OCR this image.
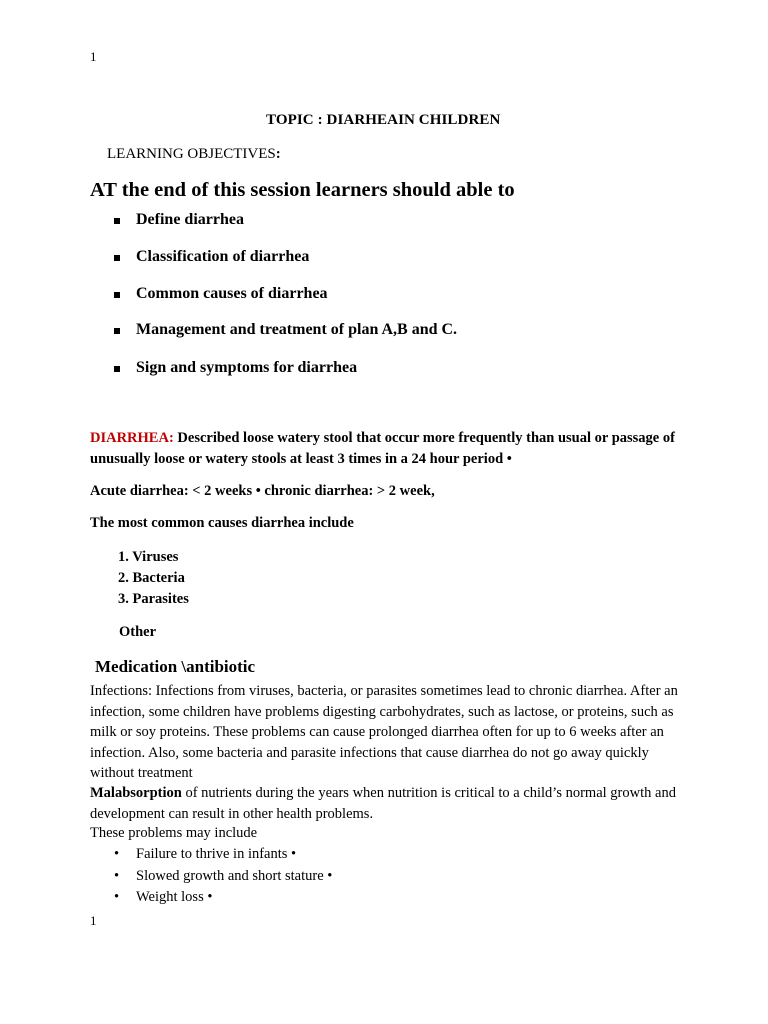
1
TOPIC : DIARHEAIN CHILDREN
LEARNING OBJECTIVES:
AT the end of this session learners should able to
Define diarrhea
Classification of diarrhea
Common causes of diarrhea
Management and treatment of plan A,B and C.
Sign and symptoms for diarrhea
DIARRHEA: Described loose watery stool that occur more frequently than usual or passage of unusually loose or watery stools at least 3 times in a 24 hour period •
Acute diarrhea: < 2 weeks • chronic diarrhea: > 2 week,
The most common causes diarrhea include
1. Viruses
2. Bacteria
3. Parasites
Other
Medication \antibiotic
Infections: Infections from viruses, bacteria, or parasites sometimes lead to chronic diarrhea. After an infection, some children have problems digesting carbohydrates, such as lactose, or proteins, such as milk or soy proteins. These problems can cause prolonged diarrhea often for up to 6 weeks after an infection. Also, some bacteria and parasite infections that cause diarrhea do not go away quickly without treatment
Malabsorption of nutrients during the years when nutrition is critical to a child’s normal growth and development can result in other health problems.
These problems may include
• Failure to thrive in infants •
• Slowed growth and short stature •
• Weight loss •
1
